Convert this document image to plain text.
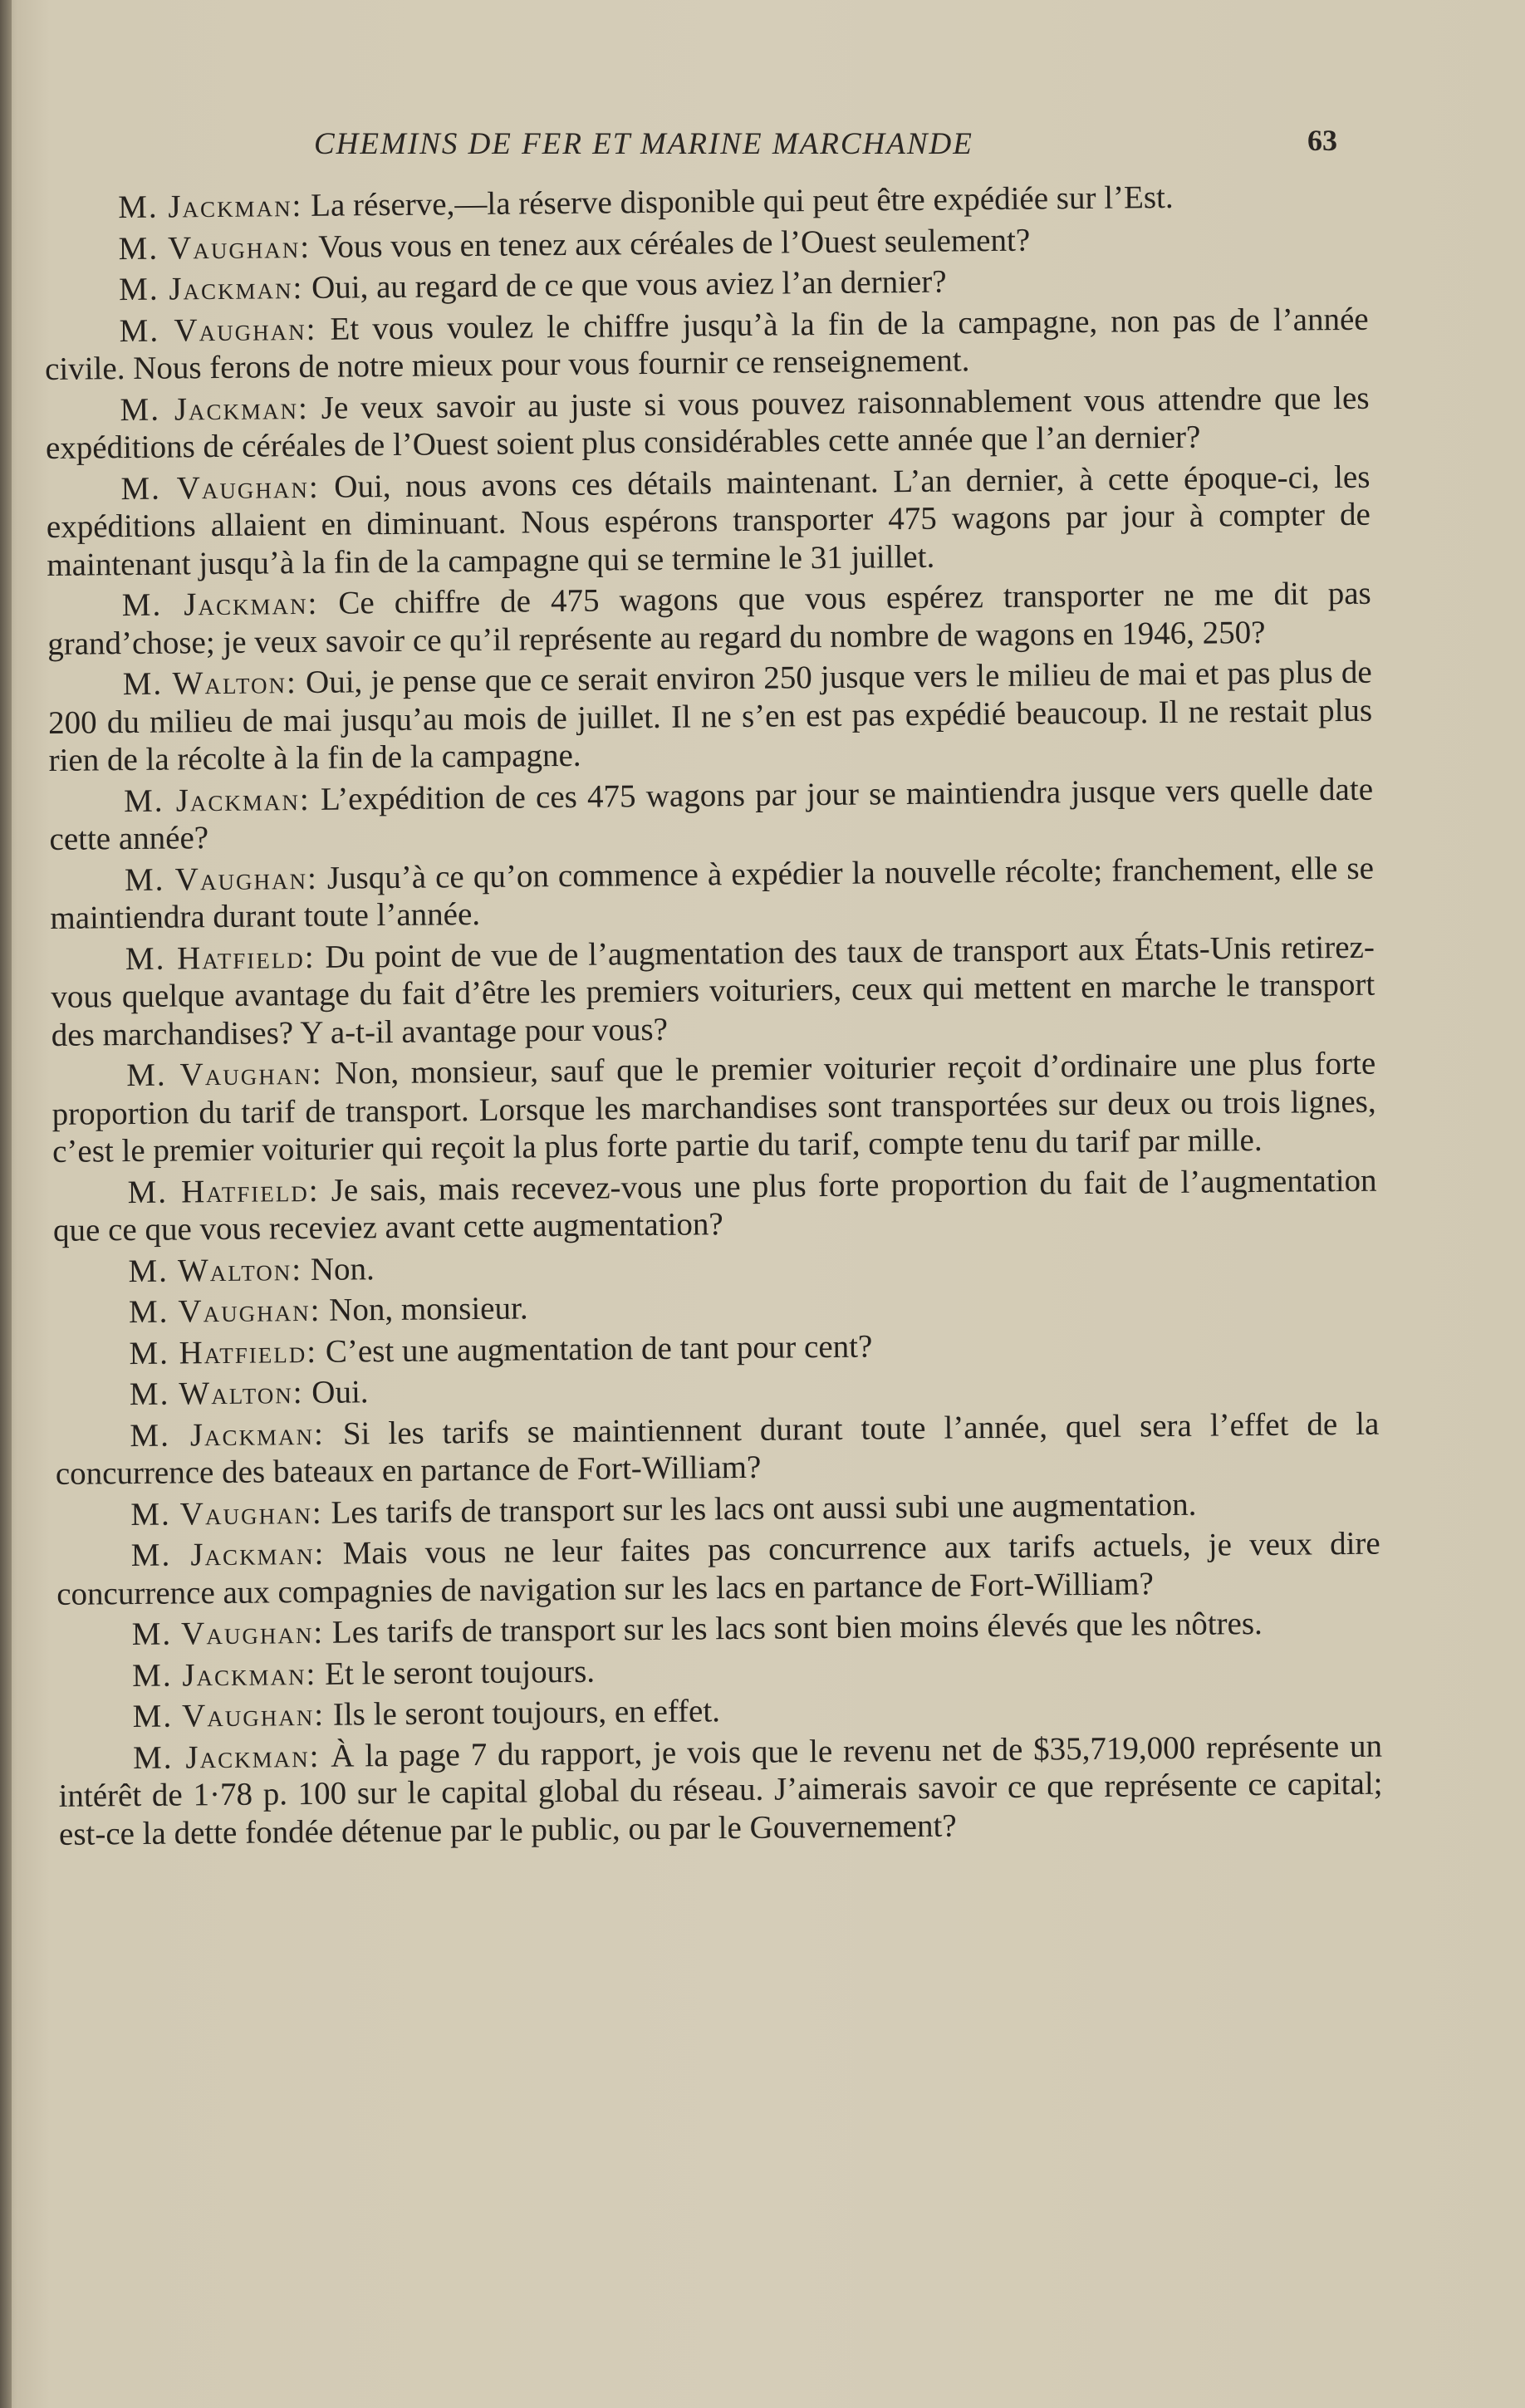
CHEMINS DE FER ET MARINE MARCHANDE	63

M. Jackman: La réserve,—la réserve disponible qui peut être expédiée sur l’Est.

M. Vaughan: Vous vous en tenez aux céréales de l’Ouest seulement?

M. Jackman: Oui, au regard de ce que vous aviez l’an dernier?

M. Vaughan: Et vous voulez le chiffre jusqu’à la fin de la campagne, non pas de l’année civile. Nous ferons de notre mieux pour vous fournir ce renseignement.

M. Jackman: Je veux savoir au juste si vous pouvez raisonnablement vous attendre que les expéditions de céréales de l’Ouest soient plus considérables cette année que l’an dernier?

M. Vaughan: Oui, nous avons ces détails maintenant. L’an dernier, à cette époque-ci, les expéditions allaient en diminuant. Nous espérons transporter 475 wagons par jour à compter de maintenant jusqu’à la fin de la campagne qui se termine le 31 juillet.

M. Jackman: Ce chiffre de 475 wagons que vous espérez transporter ne me dit pas grand’chose; je veux savoir ce qu’il représente au regard du nombre de wagons en 1946, 250?

M. Walton: Oui, je pense que ce serait environ 250 jusque vers le milieu de mai et pas plus de 200 du milieu de mai jusqu’au mois de juillet. Il ne s’en est pas expédié beaucoup. Il ne restait plus rien de la récolte à la fin de la campagne.

M. Jackman: L’expédition de ces 475 wagons par jour se maintiendra jusque vers quelle date cette année?

M. Vaughan: Jusqu’à ce qu’on commence à expédier la nouvelle récolte; franchement, elle se maintiendra durant toute l’année.

M. Hatfield: Du point de vue de l’augmentation des taux de transport aux États-Unis retirez-vous quelque avantage du fait d’être les premiers voituriers, ceux qui mettent en marche le transport des marchandises? Y a-t-il avantage pour vous?

M. Vaughan: Non, monsieur, sauf que le premier voiturier reçoit d’ordinaire une plus forte proportion du tarif de transport. Lorsque les marchandises sont transportées sur deux ou trois lignes, c’est le premier voiturier qui reçoit la plus forte partie du tarif, compte tenu du tarif par mille.

M. Hatfield: Je sais, mais recevez-vous une plus forte proportion du fait de l’augmentation que ce que vous receviez avant cette augmentation?

M. Walton: Non.

M. Vaughan: Non, monsieur.

M. Hatfield: C’est une augmentation de tant pour cent?

M. Walton: Oui.

M. Jackman: Si les tarifs se maintiennent durant toute l’année, quel sera l’effet de la concurrence des bateaux en partance de Fort-William?

M. Vaughan: Les tarifs de transport sur les lacs ont aussi subi une augmentation.

M. Jackman: Mais vous ne leur faites pas concurrence aux tarifs actuels, je veux dire concurrence aux compagnies de navigation sur les lacs en partance de Fort-William?

M. Vaughan: Les tarifs de transport sur les lacs sont bien moins élevés que les nôtres.

M. Jackman: Et le seront toujours.

M. Vaughan: Ils le seront toujours, en effet.

M. Jackman: À la page 7 du rapport, je vois que le revenu net de $35,719,000 représente un intérêt de 1·78 p. 100 sur le capital global du réseau. J’aimerais savoir ce que représente ce capital; est-ce la dette fondée détenue par le public, ou par le Gouvernement?
